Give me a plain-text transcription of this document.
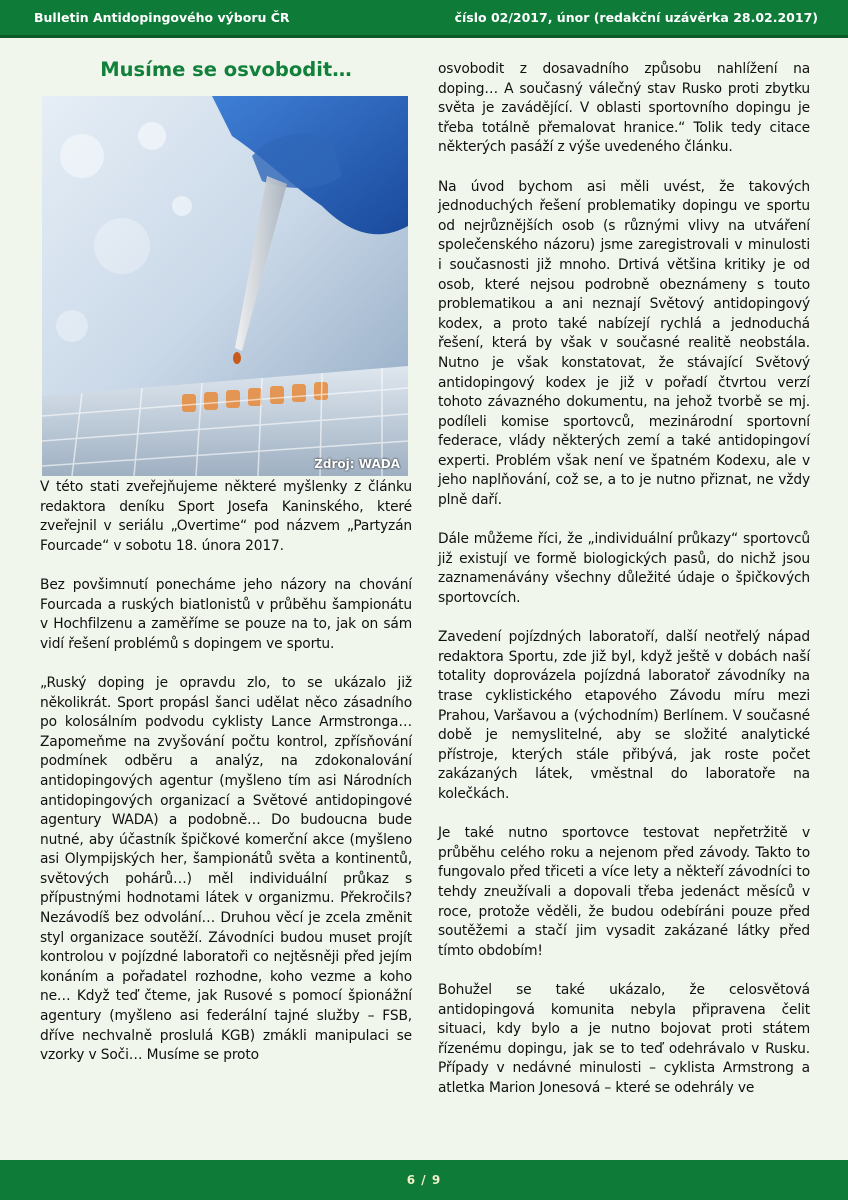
Bulletin Antidopingového výboru ČR	číslo 02/2017, únor (redakční uzávěrka 28.02.2017)
Musíme se osvobodit…
Zdroj: WADA

V této stati zveřejňujeme některé myšlenky z článku redaktora deníku Sport Josefa Kaninského, které zveřejnil v seriálu „Overtime“ pod názvem „Partyzán Fourcade“ v sobotu 18. února 2017.

Bez povšimnutí ponecháme jeho názory na chování Fourcada a ruských biatlonistů v průběhu šampionátu v Hochfilzenu a zaměříme se pouze na to, jak on sám vidí řešení problémů s dopingem ve sportu.

„Ruský doping je opravdu zlo, to se ukázalo již několikrát. Sport propásl šanci udělat něco zásadního po kolosálním podvodu cyklisty Lance Armstronga… Zapomeňme na zvyšování počtu kontrol, zpřísňování podmínek odběru a analýz, na zdokonalování antidopingových agentur (myšleno tím asi Národních antidopingových organizací a Světové antidopingové agentury WADA) a podobně… Do budoucna bude nutné, aby účastník špičkové komerční akce (myšleno asi Olympijských her, šampionátů světa a kontinentů, světových pohárů…) měl individuální průkaz s přípustnými hodnotami látek v organizmu. Překročils? Nezávodíš bez odvolání… Druhou věcí je zcela změnit styl organizace soutěží. Závodníci budou muset projít kontrolou v pojízdné laboratoři co nejtěsněji před jejím konáním a pořadatel rozhodne, koho vezme a koho ne… Když teď čteme, jak Rusové s pomocí špionážní agentury (myšleno asi federální tajné služby – FSB, dříve nechvalně proslulá KGB) zmákli manipulaci se vzorky v Soči… Musíme se proto

osvobodit z dosavadního způsobu nahlížení na doping… A současný válečný stav Rusko proti zbytku světa je zavádějící. V oblasti sportovního dopingu je třeba totálně přemalovat hranice.“ Tolik tedy citace některých pasáží z výše uvedeného článku.

Na úvod bychom asi měli uvést, že takových jednoduchých řešení problematiky dopingu ve sportu od nejrůznějších osob (s různými vlivy na utváření společenského názoru) jsme zaregistrovali v minulosti i současnosti již mnoho. Drtivá většina kritiky je od osob, které nejsou podrobně obeznámeny s touto problematikou a ani neznají Světový antidopingový kodex, a proto také nabízejí rychlá a jednoduchá řešení, která by však v současné realitě neobstála. Nutno je však konstatovat, že stávající Světový antidopingový kodex je již v pořadí čtvrtou verzí tohoto závazného dokumentu, na jehož tvorbě se mj. podíleli komise sportovců, mezinárodní sportovní federace, vlády některých zemí a také antidopingoví experti. Problém však není ve špatném Kodexu, ale v jeho naplňování, což se, a to je nutno přiznat, ne vždy plně daří.

Dále můžeme říci, že „individuální průkazy“ sportovců již existují ve formě biologických pasů, do nichž jsou zaznamenávány všechny důležité údaje o špičkových sportovcích.

Zavedení pojízdných laboratoří, další neotřelý nápad redaktora Sportu, zde již byl, když ještě v dobách naší totality doprovázela pojízdná laboratoř závodníky na trase cyklistického etapového Závodu míru mezi Prahou, Varšavou a (východním) Berlínem. V současné době je nemyslitelné, aby se složité analytické přístroje, kterých stále přibývá, jak roste počet zakázaných látek, vměstnal do laboratoře na kolečkách.

Je také nutno sportovce testovat nepřetržitě v průběhu celého roku a nejenom před závody. Takto to fungovalo před třiceti a více lety a někteří závodníci to tehdy zneužívali a dopovali třeba jedenáct měsíců v roce, protože věděli, že budou odebíráni pouze před soutěžemi a stačí jim vysadit zakázané látky před tímto obdobím!

Bohužel se také ukázalo, že celosvětová antidopingová komunita nebyla připravena čelit situaci, kdy bylo a je nutno bojovat proti státem řízenému dopingu, jak se to teď odehrávalo v Rusku. Případy v nedávné minulosti – cyklista Armstrong a atletka Marion Jonesová – které se odehrály ve

6 / 9
